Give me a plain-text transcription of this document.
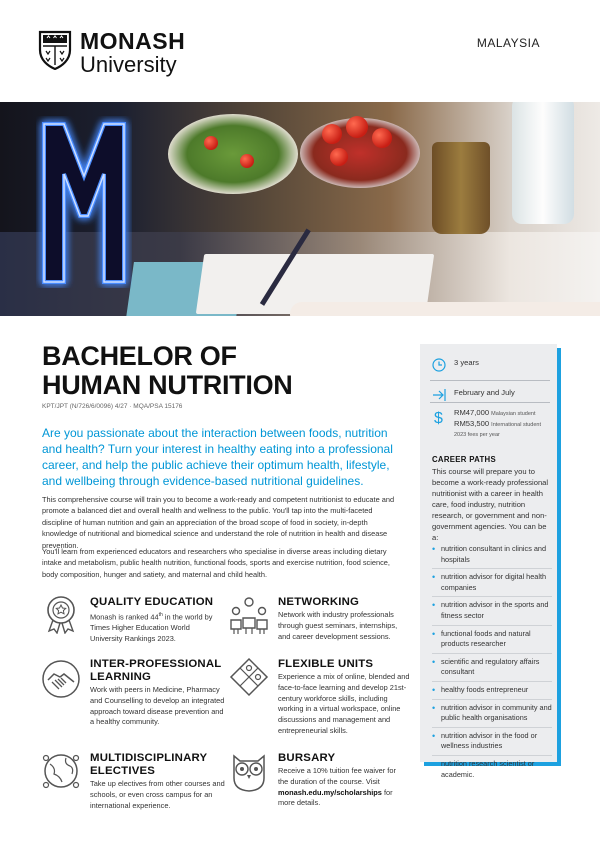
MONASH
University
MALAYSIA
BACHELOR OF
HUMAN NUTRITION
KPT/JPT (N/726/6/0096) 4/27 · MQA/PSA 15176
Are you passionate about the interaction between foods, nutrition and health? Turn your interest in healthy eating into a professional career, and help the public achieve their optimum health, lifestyle, and wellbeing through evidence-based nutritional guidelines.
This comprehensive course will train you to become a work-ready and competent nutritionist to educate and promote a balanced diet and overall health and wellness to the public. You'll tap into the multi-faceted discipline of human nutrition and gain an appreciation of the broad scope of food in society, in-depth knowledge of nutritional and biomedical science and understand the role of nutrition in health and disease prevention.
You'll learn from experienced educators and researchers who specialise in diverse areas including dietary intake and metabolism, public health nutrition, functional foods, sports and exercise nutrition, food science, body composition, hunger and satiety, and maternal and child health.
QUALITY EDUCATION
Monash is ranked 44th in the world by Times Higher Education World University Rankings 2023.
NETWORKING
Network with industry professionals through guest seminars, internships, and career development sessions.
INTER-PROFESSIONAL
LEARNING
Work with peers in Medicine, Pharmacy and Counselling to develop an integrated approach toward disease prevention and a healthy community.
FLEXIBLE UNITS
Experience a mix of online, blended and face-to-face learning and develop 21st-century workforce skills, including working in a virtual workspace, online discussions and management and entrepreneurial skills.
MULTIDISCIPLINARY
ELECTIVES
Take up electives from other courses and schools, or even cross campus for an international experience.
BURSARY
Receive a 10% tuition fee waiver for the duration of the course. Visit monash.edu.my/scholarships for more details.
3 years
February and July
$ RM47,000 Malaysian student
RM53,500 International student
2023 fees per year
CAREER PATHS
This course will prepare you to become a work-ready professional nutritionist with a career in health care, food industry, nutrition research, or government and non-government agencies. You can be a:
• nutrition consultant in clinics and hospitals
• nutrition advisor for digital health companies
• nutrition advisor in the sports and fitness sector
• functional foods and natural products researcher
• scientific and regulatory affairs consultant
• healthy foods entrepreneur
• nutrition advisor in community and public health organisations
• nutrition advisor in the food or wellness industries
• nutrition research scientist or academic.
